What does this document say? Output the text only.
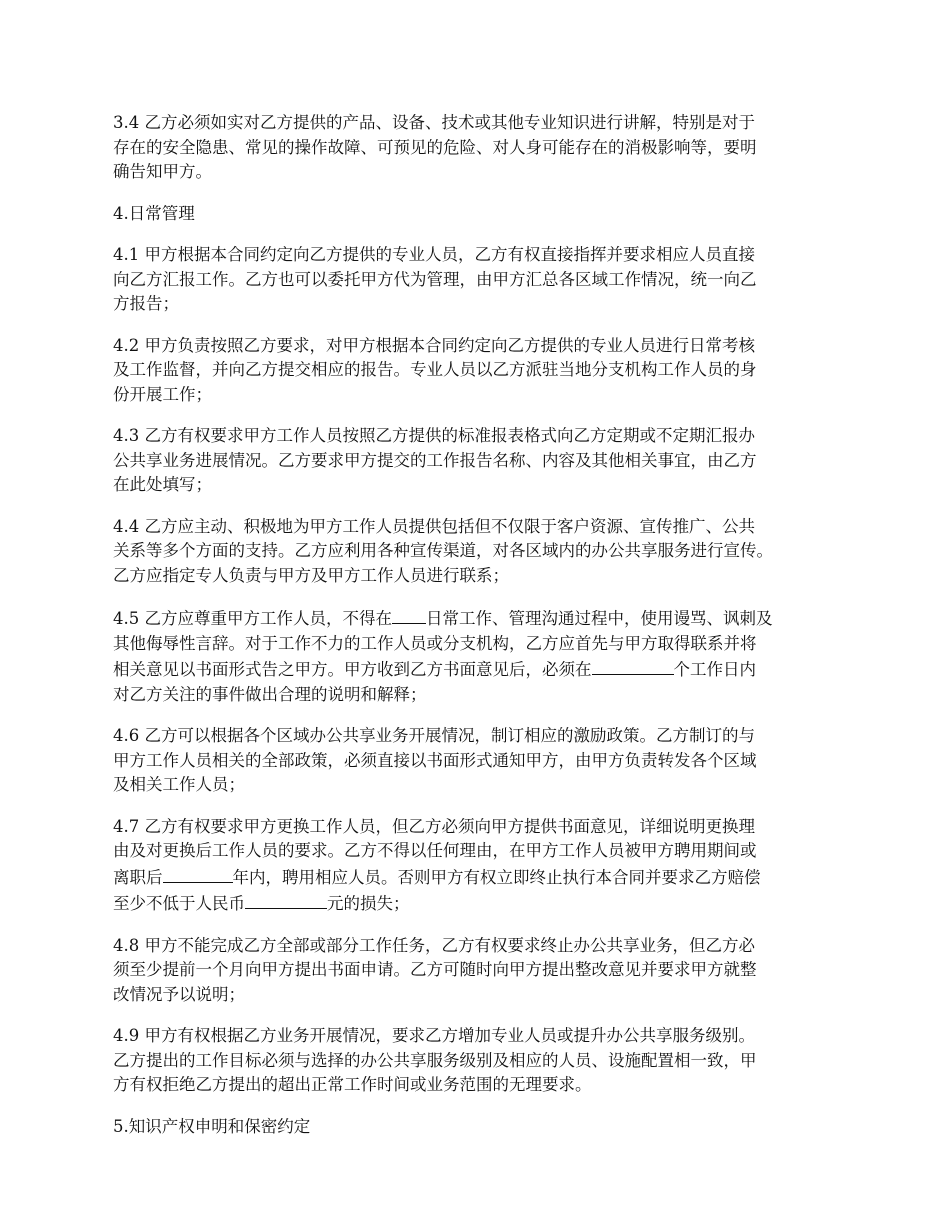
3.4 乙方必须如实对乙方提供的产品、设备、技术或其他专业知识进行讲解，特别是对于
存在的安全隐患、常见的操作故障、可预见的危险、对人身可能存在的消极影响等，要明
确告知甲方。

4.日常管理

4.1 甲方根据本合同约定向乙方提供的专业人员，乙方有权直接指挥并要求相应人员直接
向乙方汇报工作。乙方也可以委托甲方代为管理，由甲方汇总各区域工作情况，统一向乙
方报告；

4.2 甲方负责按照乙方要求，对甲方根据本合同约定向乙方提供的专业人员进行日常考核
及工作监督，并向乙方提交相应的报告。专业人员以乙方派驻当地分支机构工作人员的身
份开展工作；

4.3 乙方有权要求甲方工作人员按照乙方提供的标准报表格式向乙方定期或不定期汇报办
公共享业务进展情况。乙方要求甲方提交的工作报告名称、内容及其他相关事宜，由乙方
在此处填写；

4.4 乙方应主动、积极地为甲方工作人员提供包括但不仅限于客户资源、宣传推广、公共
关系等多个方面的支持。乙方应利用各种宣传渠道，对各区域内的办公共享服务进行宣传。
乙方应指定专人负责与甲方及甲方工作人员进行联系；

4.5 乙方应尊重甲方工作人员，不得在 日常工作、管理沟通过程中，使用谩骂、讽刺及
其他侮辱性言辞。对于工作不力的工作人员或分支机构，乙方应首先与甲方取得联系并将
相关意见以书面形式告之甲方。甲方收到乙方书面意见后，必须在	个工作日内
对乙方关注的事件做出合理的说明和解释；

4.6 乙方可以根据各个区域办公共享业务开展情况，制订相应的激励政策。乙方制订的与
甲方工作人员相关的全部政策，必须直接以书面形式通知甲方，由甲方负责转发各个区域
及相关工作人员；

4.7 乙方有权要求甲方更换工作人员，但乙方必须向甲方提供书面意见，详细说明更换理
由及对更换后工作人员的要求。乙方不得以任何理由，在甲方工作人员被甲方聘用期间或
离职后	年内，聘用相应人员。否则甲方有权立即终止执行本合同并要求乙方赔偿
至少不低于人民币	元的损失；

4.8 甲方不能完成乙方全部或部分工作任务，乙方有权要求终止办公共享业务，但乙方必
须至少提前一个月向甲方提出书面申请。乙方可随时向甲方提出整改意见并要求甲方就整
改情况予以说明；

4.9 甲方有权根据乙方业务开展情况，要求乙方增加专业人员或提升办公共享服务级别。
乙方提出的工作目标必须与选择的办公共享服务级别及相应的人员、设施配置相一致，甲
方有权拒绝乙方提出的超出正常工作时间或业务范围的无理要求。

5.知识产权申明和保密约定
